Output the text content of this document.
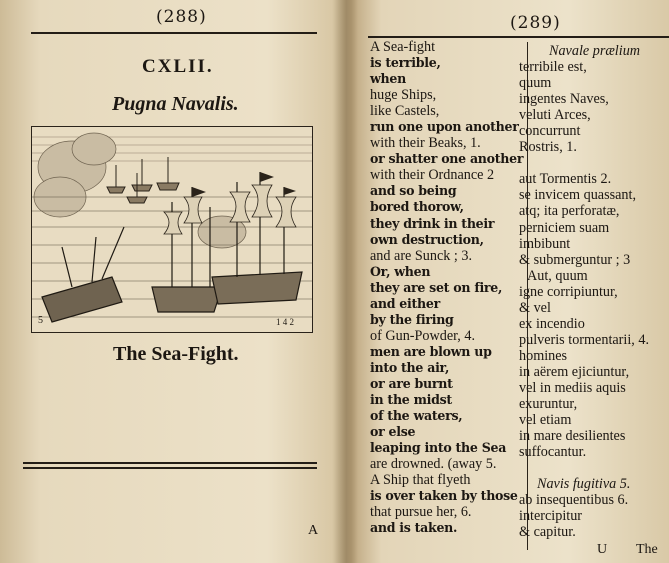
(288)
CXLII.
Pugna Navalis.
5	1 4 2
The Sea-Fight.
A
(289)
A Sea-fight
is terrible,
when
huge Ships,
like Castels,
run one upon another
with their Beaks, 1.
or shatter one another
with their Ordnance 2
and so being
bored thorow,
they drink in their
own destruction,
and are Sunck ; 3.
Or, when
they are set on fire,
and either
by the firing
of Gun-Powder, 4.
men are blown up
into the air,
or are burnt
in the midst
of the waters,
or else
leaping into the Sea
are drowned. (away 5.
A Ship that flyeth
is over taken by those
that pursue her, 6.
and is taken.
Navale prælium
terribile est,
quum
ingentes Naves,
veluti Arces,
concurrunt
Rostris, 1.

aut Tormentis 2.
se invicem quassant,
atq; ita perforatæ,
perniciem suam
imbibunt
& submerguntur ; 3
Aut, quum
igne corripiuntur,
& vel
ex incendio
pulveris tormentarii, 4.
homines
in aërem ejiciuntur,
vel in mediis aquis
exuruntur,
vel etiam
in mare desilientes
suffocantur.

Navis fugitiva 5.
ab insequentibus 6.
intercipitur
& capitur.
U The
